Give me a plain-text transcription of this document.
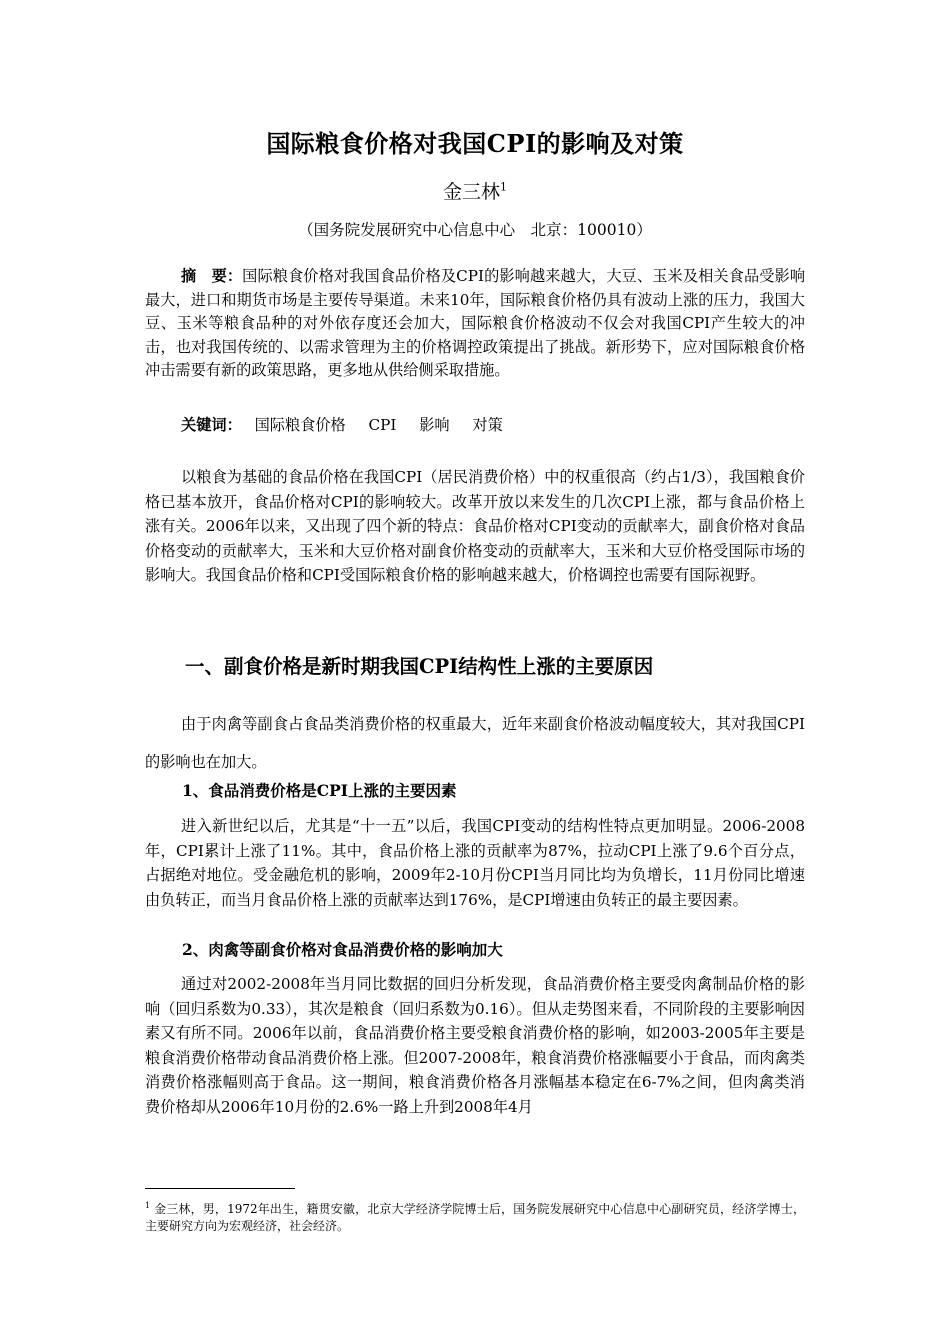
国际粮食价格对我国CPI的影响及对策
金三林$^1$
（国务院发展研究中心信息中心　北京：100010）
摘　要：国际粮食价格对我国食品价格及CPI的影响越来越大，大豆、玉米及相关食品受影响最大，进口和期货市场是主要传导渠道。未来10年，国际粮食价格仍具有波动上涨的压力，我国大豆、玉米等粮食品种的对外依存度还会加大，国际粮食价格波动不仅会对我国CPI产生较大的冲击，也对我国传统的、以需求管理为主的价格调控政策提出了挑战。新形势下，应对国际粮食价格冲击需要有新的政策思路，更多地从供给侧采取措施。
关键词： 国际粮食价格 CPI 影响 对策
以粮食为基础的食品价格在我国CPI（居民消费价格）中的权重很高（约占1/3），我国粮食价格已基本放开，食品价格对CPI的影响较大。改革开放以来发生的几次CPI上涨，都与食品价格上涨有关。2006年以来，又出现了四个新的特点：食品价格对CPI变动的贡献率大，副食价格对食品价格变动的贡献率大，玉米和大豆价格对副食价格变动的贡献率大，玉米和大豆价格受国际市场的影响大。我国食品价格和CPI受国际粮食价格的影响越来越大，价格调控也需要有国际视野。
一、副食价格是新时期我国CPI结构性上涨的主要原因
由于肉禽等副食占食品类消费价格的权重最大，近年来副食价格波动幅度较大，其对我国CPI的影响也在加大。
1、食品消费价格是CPI上涨的主要因素
进入新世纪以后，尤其是“十一五”以后，我国CPI变动的结构性特点更加明显。2006-2008年，CPI累计上涨了11%。其中，食品价格上涨的贡献率为87%，拉动CPI上涨了9.6个百分点，占据绝对地位。受金融危机的影响，2009年2-10月份CPI当月同比均为负增长，11月份同比增速由负转正，而当月食品价格上涨的贡献率达到176%，是CPI增速由负转正的最主要因素。
2、肉禽等副食价格对食品消费价格的影响加大
通过对2002-2008年当月同比数据的回归分析发现，食品消费价格主要受肉禽制品价格的影响（回归系数为0.33），其次是粮食（回归系数为0.16）。但从走势图来看，不同阶段的主要影响因素又有所不同。2006年以前，食品消费价格主要受粮食消费价格的影响，如2003-2005年主要是粮食消费价格带动食品消费价格上涨。但2007-2008年，粮食消费价格涨幅要小于食品，而肉禽类消费价格涨幅则高于食品。这一期间，粮食消费价格各月涨幅基本稳定在6-7%之间，但肉禽类消费价格却从2006年10月份的2.6%一路上升到2008年4月
$^1$ 金三林，男，1972年出生，籍贯安徽，北京大学经济学院博士后，国务院发展研究中心信息中心副研究员，经济学博士，主要研究方向为宏观经济，社会经济。
